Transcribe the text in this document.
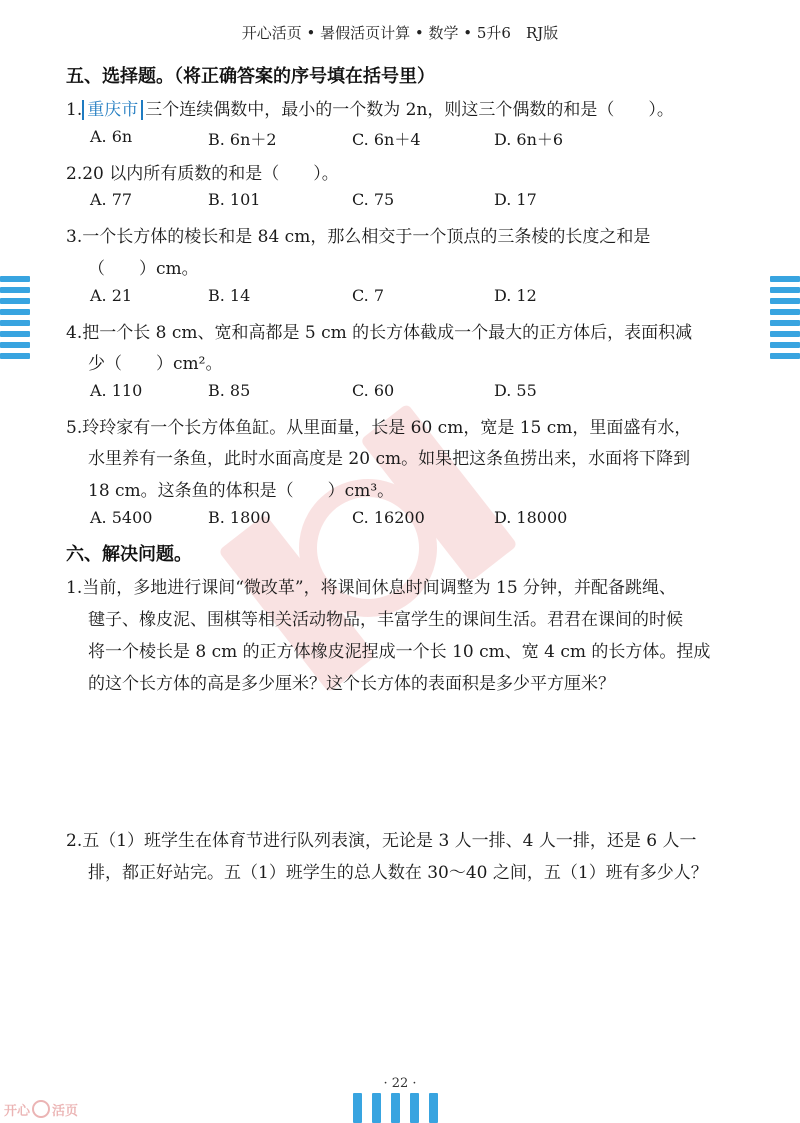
开心活页 • 暑假活页计算 • 数学 • 5升6　RJ版
五、选择题。（将正确答案的序号填在括号里）
1. 重庆市 三个连续偶数中，最小的一个数为 2n，则这三个偶数的和是（　　）。
A. 6n	B. 6n＋2	C. 6n＋4	D. 6n＋6
2.20 以内所有质数的和是（　　）。
A. 77	B. 101	C. 75	D. 17
3.一个长方体的棱长和是 84 cm，那么相交于一个顶点的三条棱的长度之和是
（　　）cm。
A. 21	B. 14	C. 7	D. 12
4.把一个长 8 cm、宽和高都是 5 cm 的长方体截成一个最大的正方体后，表面积减
少（　　）cm²。
A. 110	B. 85	C. 60	D. 55
5.玲玲家有一个长方体鱼缸。从里面量，长是 60 cm，宽是 15 cm，里面盛有水，
水里养有一条鱼，此时水面高度是 20 cm。如果把这条鱼捞出来，水面将下降到
18 cm。这条鱼的体积是（　　）cm³。
A. 5400	B. 1800	C. 16200	D. 18000
六、解决问题。
1.当前，多地进行课间“微改革”，将课间休息时间调整为 15 分钟，并配备跳绳、
毽子、橡皮泥、围棋等相关活动物品，丰富学生的课间生活。君君在课间的时候
将一个棱长是 8 cm 的正方体橡皮泥捏成一个长 10 cm、宽 4 cm 的长方体。捏成
的这个长方体的高是多少厘米？这个长方体的表面积是多少平方厘米？
2.五（1）班学生在体育节进行队列表演，无论是 3 人一排、4 人一排，还是 6 人一
排，都正好站完。五（1）班学生的总人数在 30～40 之间，五（1）班有多少人？
· 22 ·
开心 活页
